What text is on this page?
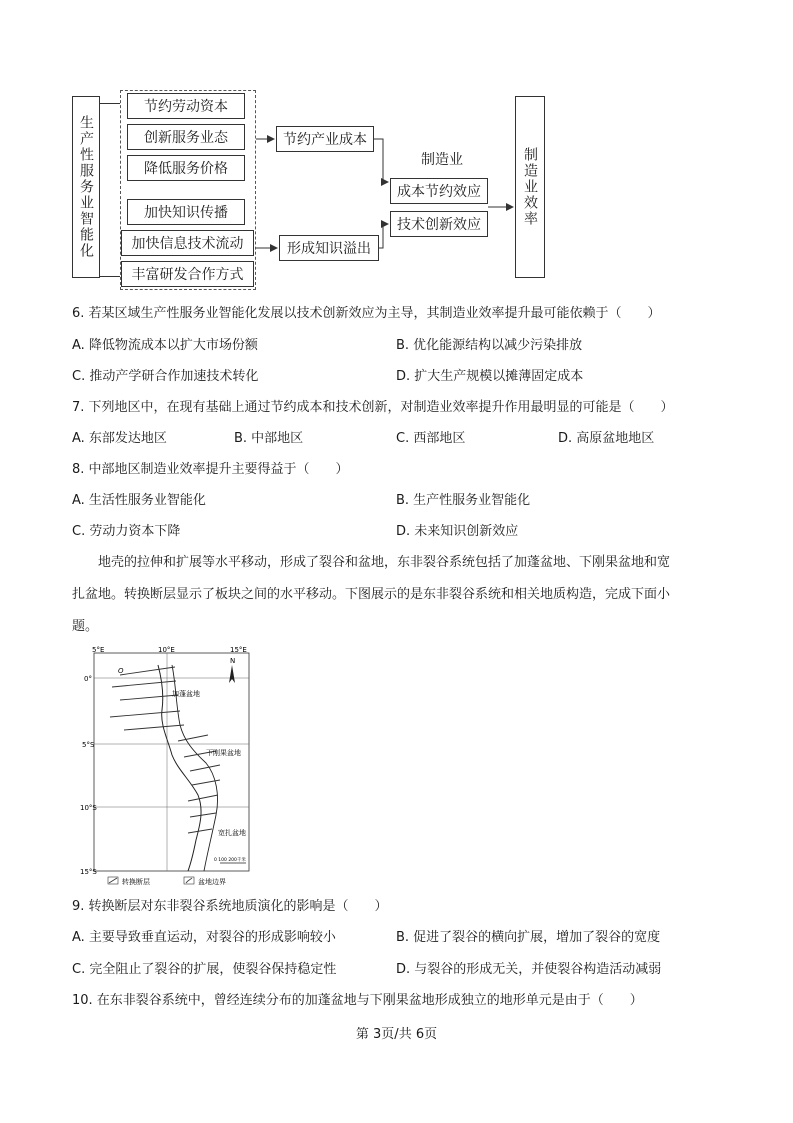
生产性服务业智能化
节约劳动资本
创新服务业态
降低服务价格
加快知识传播
加快信息技术流动
丰富研发合作方式
节约产业成本
形成知识溢出
制造业
成本节约效应
技术创新效应	制造业效率
6. 若某区域生产性服务业智能化发展以技术创新效应为主导，其制造业效率提升最可能依赖于（　　）
A. 降低物流成本以扩大市场份额	B. 优化能源结构以减少污染排放
C. 推动产学研合作加速技术转化	D. 扩大生产规模以摊薄固定成本
7. 下列地区中，在现有基础上通过节约成本和技术创新，对制造业效率提升作用最明显的可能是（　　）
A. 东部发达地区	B. 中部地区	C. 西部地区	D. 高原盆地地区
8. 中部地区制造业效率提升主要得益于（　　）
A. 生活性服务业智能化	B. 生产性服务业智能化
C. 劳动力资本下降	D. 未来知识创新效应
地壳的拉伸和扩展等水平移动，形成了裂谷和盆地，东非裂谷系统包括了加蓬盆地、下刚果盆地和宽
扎盆地。转换断层显示了板块之间的水平移动。下图展示的是东非裂谷系统和相关地质构造，完成下面小
题。
5°E	10°E	15°E
0°
5°S
10°S
15°S
O
N
加蓬盆地
下刚果盆地
宽扎盆地
0 100 200千米
转换断层	盆地边界
9. 转换断层对东非裂谷系统地质演化的影响是（　　）
A. 主要导致垂直运动，对裂谷的形成影响较小	B. 促进了裂谷的横向扩展，增加了裂谷的宽度
C. 完全阻止了裂谷的扩展，使裂谷保持稳定性	D. 与裂谷的形成无关，并使裂谷构造活动减弱
10. 在东非裂谷系统中，曾经连续分布的加蓬盆地与下刚果盆地形成独立的地形单元是由于（　　）
第 3页/共 6页
